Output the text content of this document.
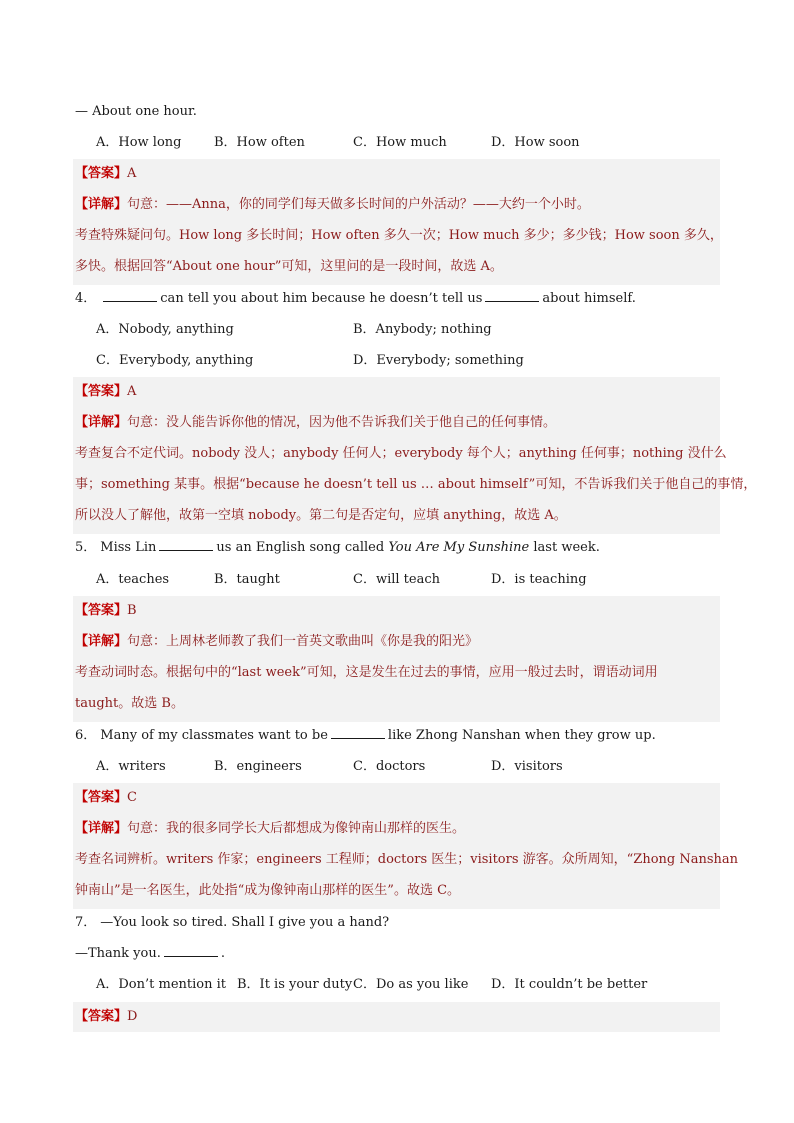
— About one hour.
A．How long	B．How often	C．How much	D．How soon
【答案】A
【详解】句意：——Anna，你的同学们每天做多长时间的户外活动？——大约一个小时。
考查特殊疑问句。How long 多长时间；How often 多久一次；How much 多少；多少钱；How soon 多久，
多快。根据回答“About one hour”可知，这里问的是一段时间，故选 A。
4．	can tell you about him because he doesn’t tell us	about himself.
A．Nobody, anything	B．Anybody; nothing
C．Everybody, anything	D．Everybody; something
【答案】A
【详解】句意：没人能告诉你他的情况，因为他不告诉我们关于他自己的任何事情。
考查复合不定代词。nobody 没人；anybody 任何人；everybody 每个人；anything 任何事；nothing 没什么
事；something 某事。根据“because he doesn’t tell us … about himself”可知，不告诉我们关于他自己的事情，
所以没人了解他，故第一空填 nobody。第二句是否定句，应填 anything，故选 A。
5． Miss Lin	us an English song called You Are My Sunshine last week.
A．teaches	B．taught	C．will teach	D．is teaching
【答案】B
【详解】句意：上周林老师教了我们一首英文歌曲叫《你是我的阳光》
考查动词时态。根据句中的“last week”可知，这是发生在过去的事情，应用一般过去时，谓语动词用
taught。故选 B。
6． Many of my classmates want to be	like Zhong Nanshan when they grow up.
A．writers	B．engineers	C．doctors	D．visitors
【答案】C
【详解】句意：我的很多同学长大后都想成为像钟南山那样的医生。
考查名词辨析。writers 作家；engineers 工程师；doctors 医生；visitors 游客。众所周知，“Zhong Nanshan
钟南山”是一名医生，此处指“成为像钟南山那样的医生”。故选 C。
7． —You look so tired. Shall I give you a hand?
—Thank you.	.
A．Don’t mention it B．It is your duty C．Do as you like D．It couldn’t be better
【答案】D
